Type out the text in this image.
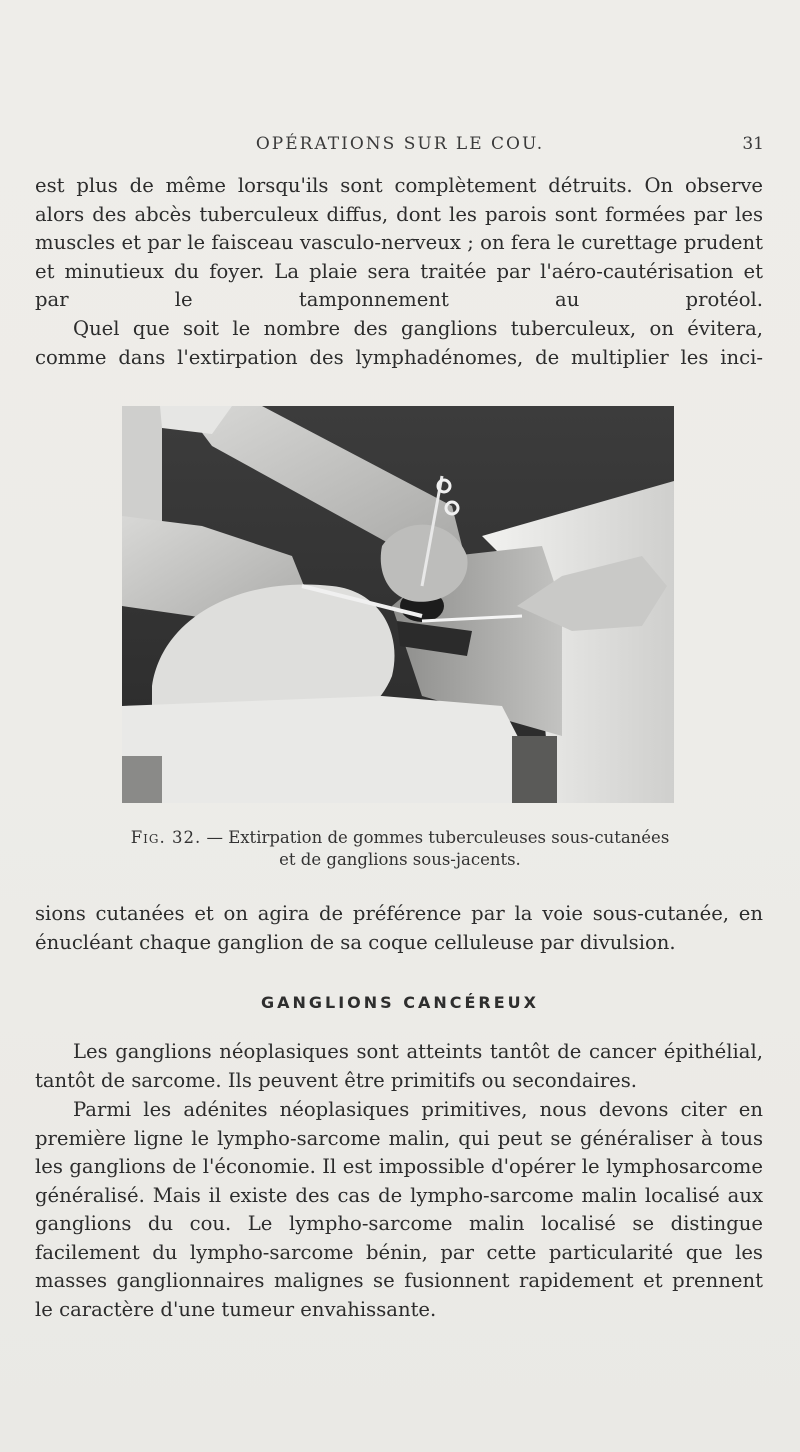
OPÉRATIONS SUR LE COU.	31

est plus de même lorsqu'ils sont complètement détruits. On observe alors des abcès tuberculeux diffus, dont les parois sont formées par les muscles et par le faisceau vasculo-nerveux ; on fera le curettage prudent et minutieux du foyer. La plaie sera traitée par l'aéro-cautérisation et par le tamponnement au protéol.

Quel que soit le nombre des ganglions tuberculeux, on évitera, comme dans l'extirpation des lymphadénomes, de multiplier les inci-

Fig. 32. — Extirpation de gommes tuberculeuses sous-cutanées
et de ganglions sous-jacents.

sions cutanées et on agira de préférence par la voie sous-cutanée, en énucléant chaque ganglion de sa coque celluleuse par divulsion.

GANGLIONS CANCÉREUX

Les ganglions néoplasiques sont atteints tantôt de cancer épithélial, tantôt de sarcome. Ils peuvent être primitifs ou secondaires.

Parmi les adénites néoplasiques primitives, nous devons citer en première ligne le lympho-sarcome malin, qui peut se généraliser à tous les ganglions de l'économie. Il est impossible d'opérer le lymphosarcome généralisé. Mais il existe des cas de lympho-sarcome malin localisé aux ganglions du cou. Le lympho-sarcome malin localisé se distingue facilement du lympho-sarcome bénin, par cette particularité que les masses ganglionnaires malignes se fusionnent rapidement et prennent le caractère d'une tumeur envahissante.
